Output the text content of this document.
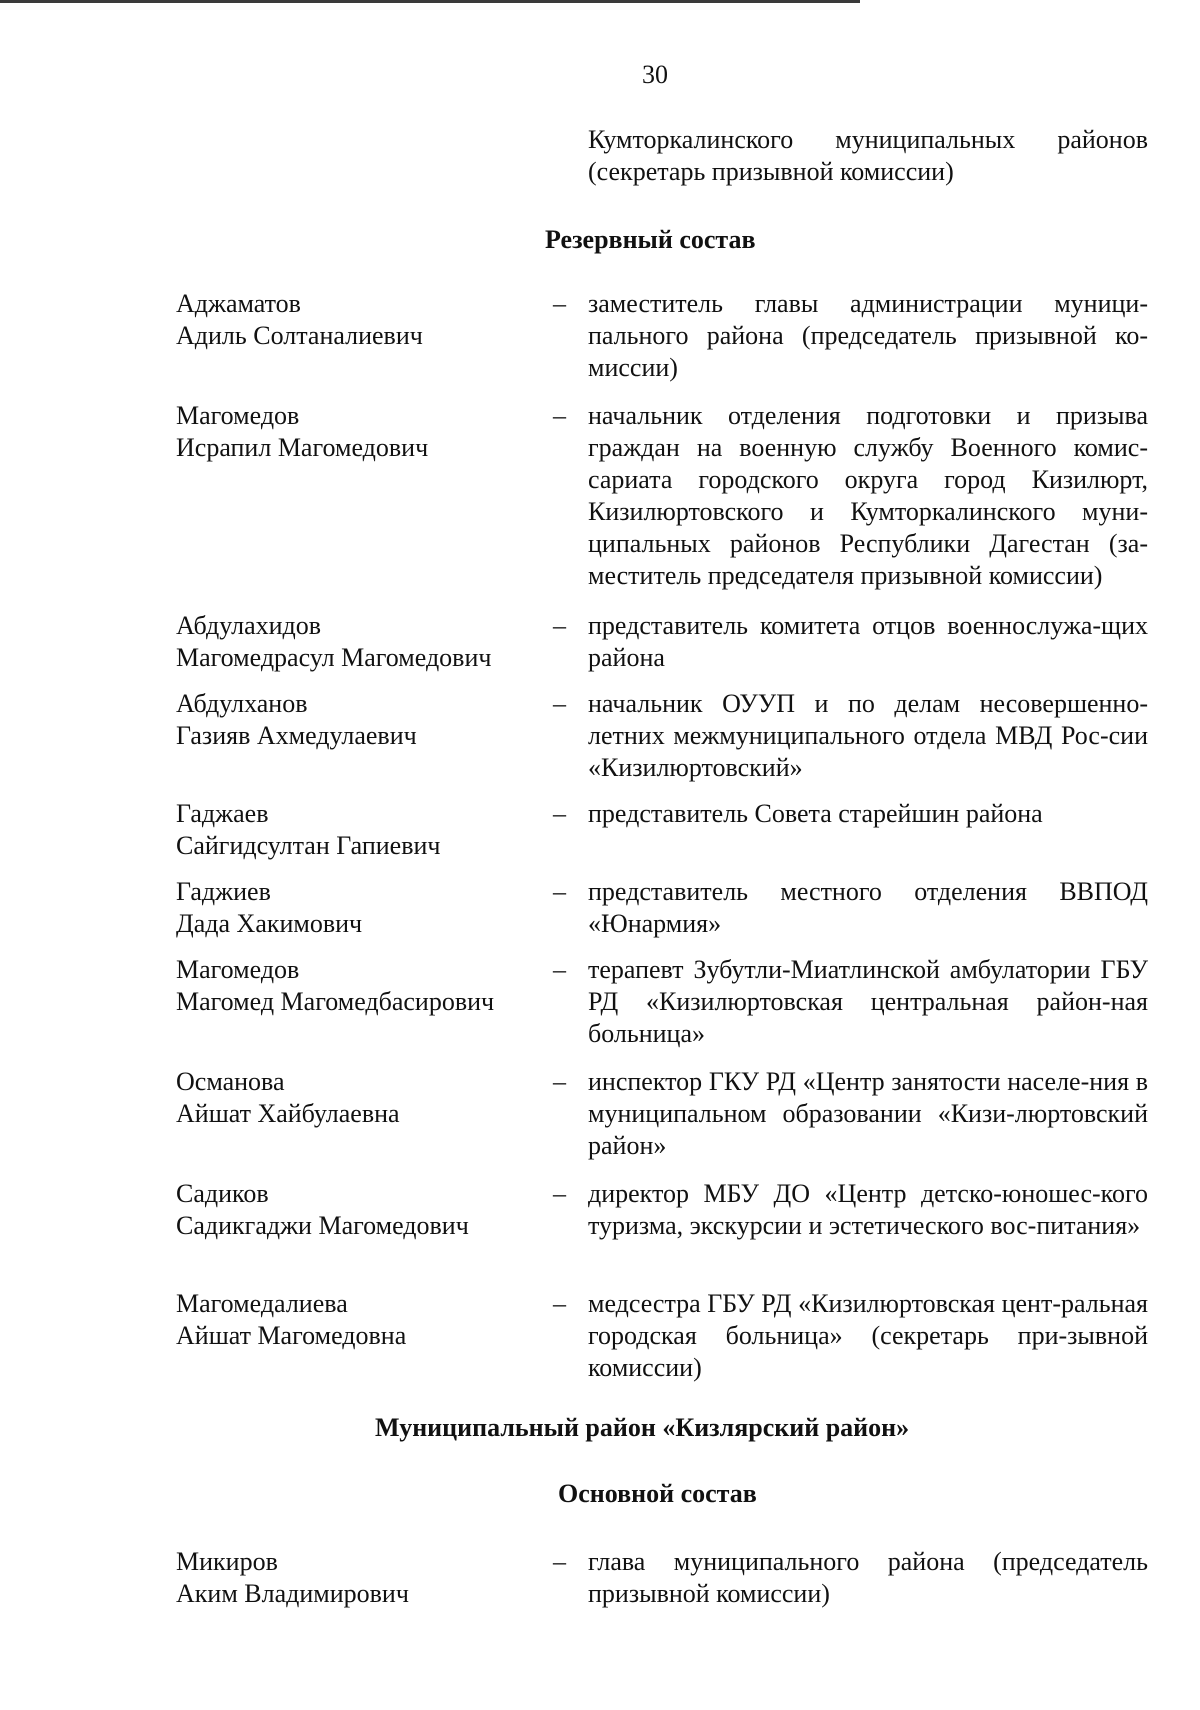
30
Кумторкалинского муниципальных районов
(секретарь призывной комиссии)
Резервный состав
Аджаматов
Адиль Солтаналиевич
– заместитель главы администрации муници-пального района (председатель призывной ко-миссии)
Магомедов
Исрапил Магомедович
– начальник отделения подготовки и призыва граждан на военную службу Военного комис-сариата городского округа город Кизилюрт, Кизилюртовского и Кумторкалинского муни-ципальных районов Республики Дагестан (за-меститель председателя призывной комиссии)
Абдулахидов
Магомедрасул Магомедович
– представитель комитета отцов военнослужа-щих района
Абдулханов
Газияв Ахмедулаевич
– начальник ОУУП и по делам несовершенно-летних межмуниципального отдела МВД Рос-сии «Кизилюртовский»
Гаджаев
Сайгидсултан Гапиевич
– представитель Совета старейшин района
Гаджиев
Дада Хакимович
– представитель местного отделения ВВПОД «Юнармия»
Магомедов
Магомед Магомедбасирович
– терапевт Зубутли-Миатлинской амбулатории ГБУ РД «Кизилюртовская центральная район-ная больница»
Османова
Айшат Хайбулаевна
– инспектор ГКУ РД «Центр занятости населе-ния в муниципальном образовании «Кизи-люртовский район»
Садиков
Садикгаджи Магомедович
– директор МБУ ДО «Центр детско-юношес-кого туризма, экскурсии и эстетического вос-питания»
Магомедалиева
Айшат Магомедовна
– медсестра ГБУ РД «Кизилюртовская цент-ральная городская больница» (секретарь при-зывной комиссии)
Муниципальный район «Кизлярский район»
Основной состав
Микиров
Аким Владимирович
– глава муниципального района (председатель призывной комиссии)
